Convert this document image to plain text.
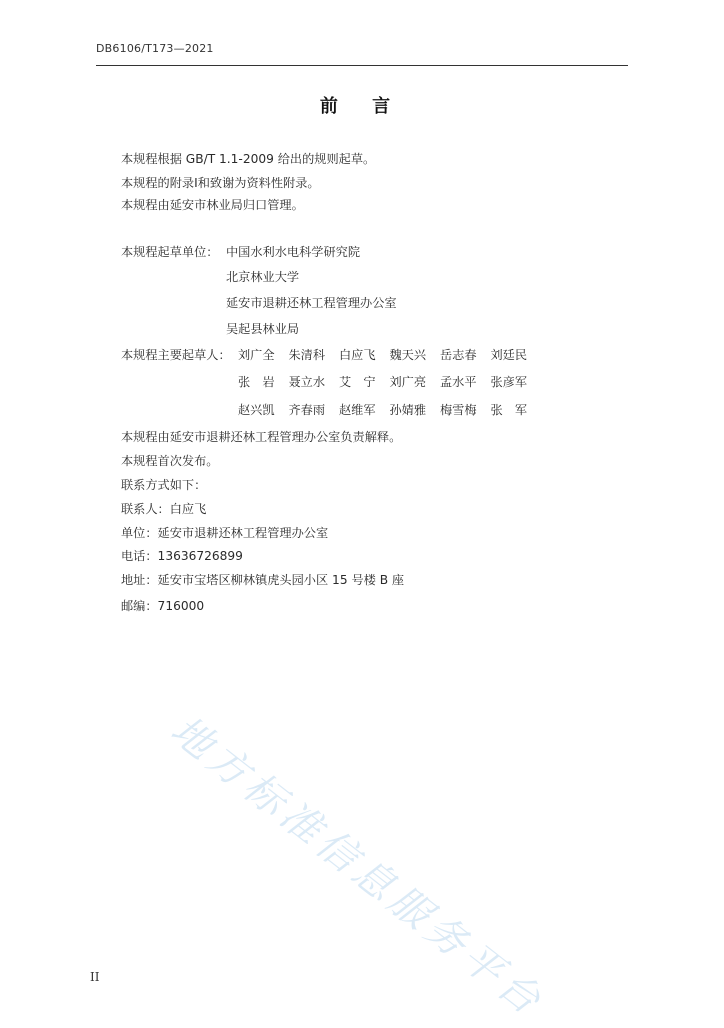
DB6106/T173—2021
前 言
本规程根据 GB/T 1.1-2009 给出的规则起草。
本规程的附录Ⅰ和致谢为资料性附录。
本规程由延安市林业局归口管理。
本规程起草单位： 中国水利水电科学研究院
北京林业大学
延安市退耕还林工程管理办公室
吴起县林业局
本规程主要起草人： 刘广全 朱清科 白应飞 魏天兴 岳志春 刘廷民
张　岩 聂立水 艾　宁 刘广亮 孟水平 张彦军
赵兴凯 齐春雨 赵维军 孙婧雅 梅雪梅 张　军
本规程由延安市退耕还林工程管理办公室负责解释。
本规程首次发布。
联系方式如下：
联系人：白应飞
单位：延安市退耕还林工程管理办公室
电话：13636726899
地址：延安市宝塔区柳林镇虎头园小区 15 号楼 B 座
邮编：716000
地方标准信息服务平台
II
